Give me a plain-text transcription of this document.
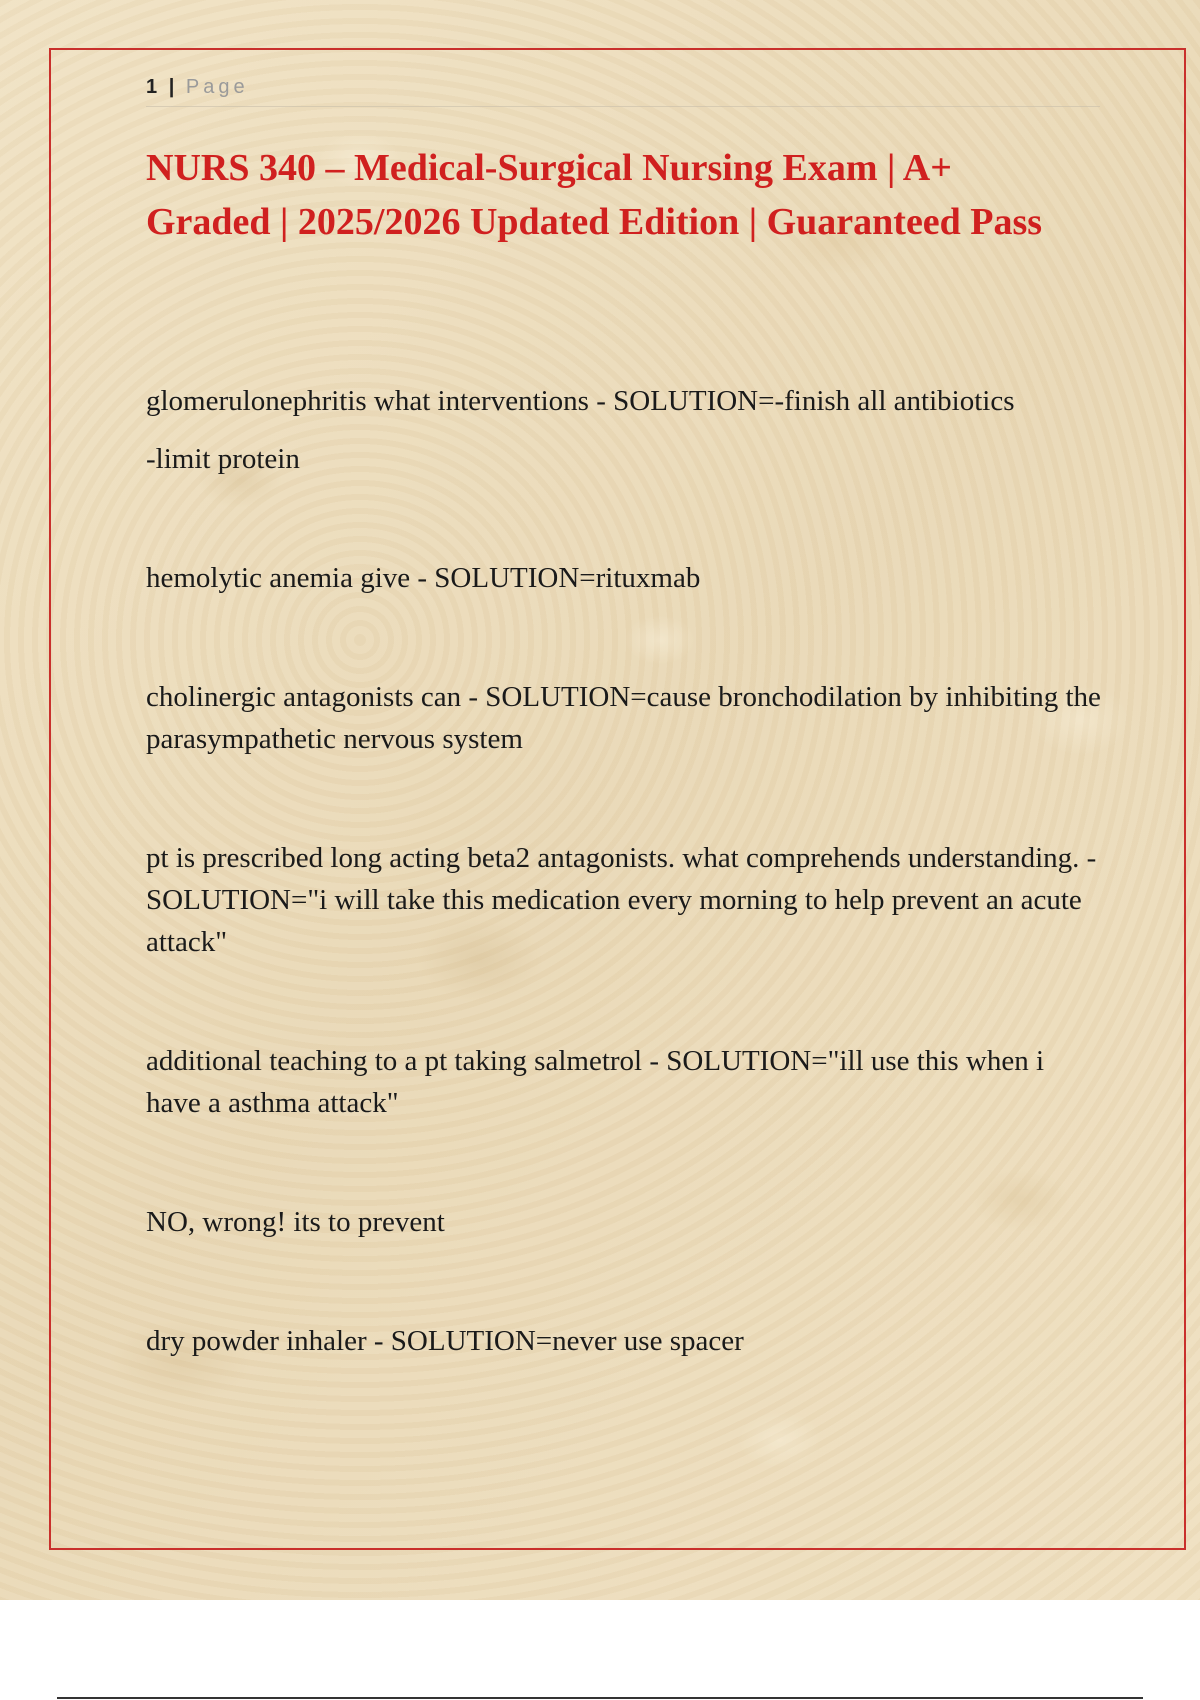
1 | Page
NURS 340 – Medical-Surgical Nursing Exam | A+ Graded | 2025/2026 Updated Edition | Guaranteed Pass

glomerulonephritis what interventions - SOLUTION=-finish all antibiotics

-limit protein

hemolytic anemia give - SOLUTION=rituxmab

cholinergic antagonists can - SOLUTION=cause bronchodilation by inhibiting the parasympathetic nervous system

pt is prescribed long acting beta2 antagonists. what comprehends understanding. - SOLUTION="i will take this medication every morning to help prevent an acute attack"

additional teaching to a pt taking salmetrol - SOLUTION="ill use this when i have a asthma attack"

NO, wrong! its to prevent

dry powder inhaler - SOLUTION=never use spacer
